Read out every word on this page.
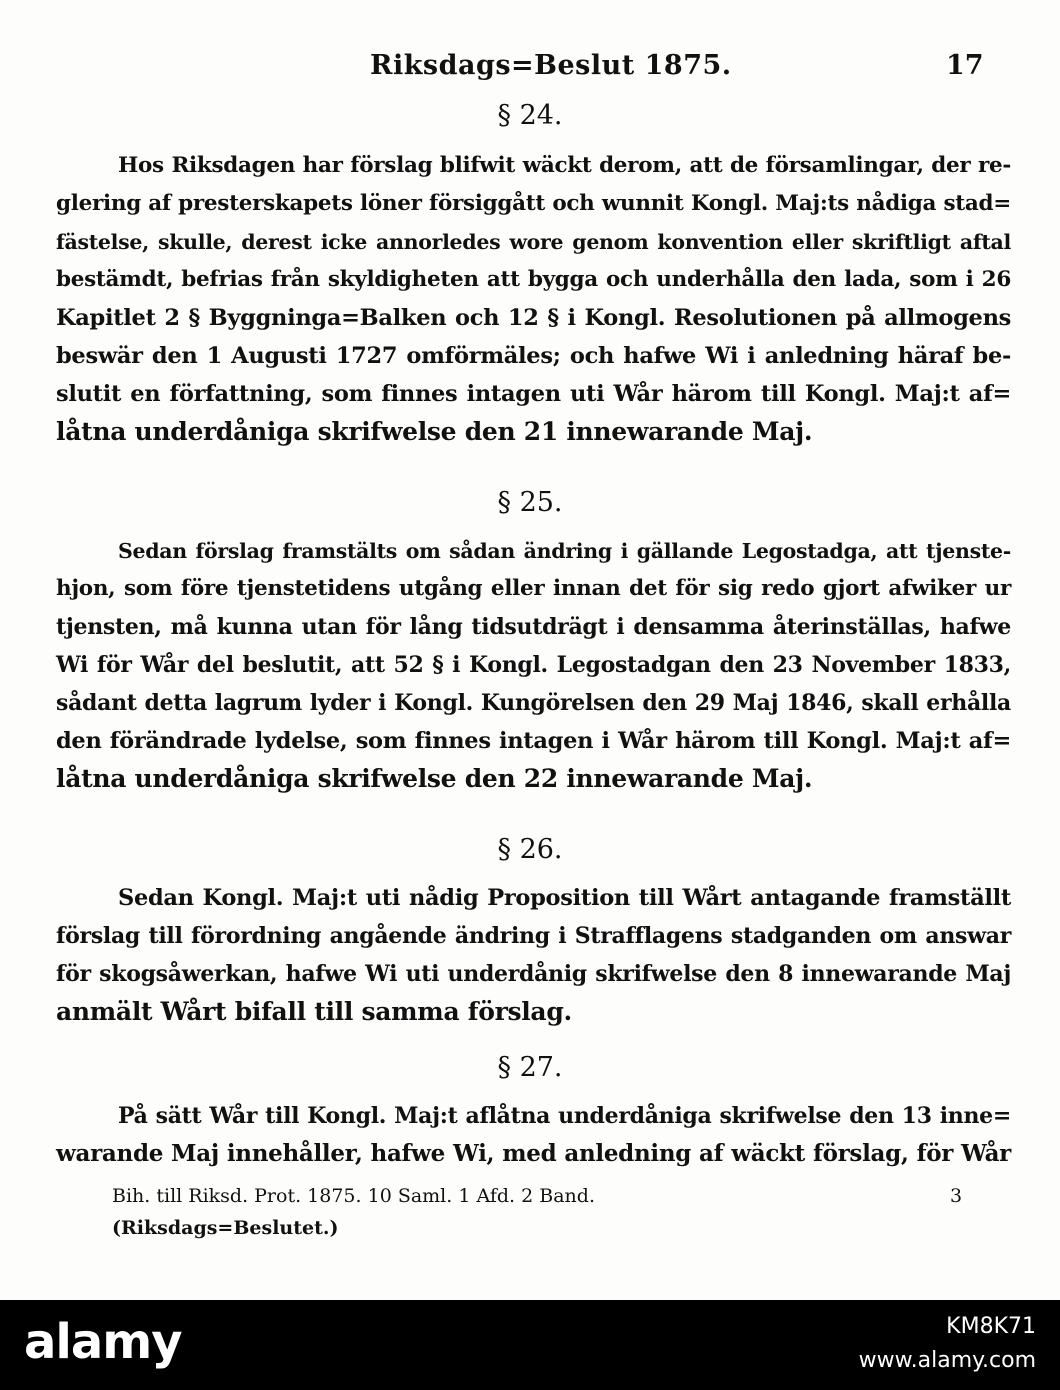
Riksdags=Beslut 1875.	17
§ 24.
Hos Riksdagen har förslag blifwit wäckt derom, att de församlingar, der re-
glering af presterskapets löner försiggått och wunnit Kongl. Maj:ts nådiga stad=
fästelse, skulle, derest icke annorledes wore genom konvention eller skriftligt aftal
bestämdt, befrias från skyldigheten att bygga och underhålla den lada, som i 26
Kapitlet 2 § Byggninga=Balken och 12 § i Kongl. Resolutionen på allmogens
beswär den 1 Augusti 1727 omförmäles; och hafwe Wi i anledning häraf be-
slutit en författning, som finnes intagen uti Wår härom till Kongl. Maj:t af=
låtna underdåniga skrifwelse den 21 innewarande Maj.
§ 25.
Sedan förslag framstälts om sådan ändring i gällande Legostadga, att tjenste-
hjon, som före tjenstetidens utgång eller innan det för sig redo gjort afwiker ur
tjensten, må kunna utan för lång tidsutdrägt i densamma återinställas, hafwe
Wi för Wår del beslutit, att 52 § i Kongl. Legostadgan den 23 November 1833,
sådant detta lagrum lyder i Kongl. Kungörelsen den 29 Maj 1846, skall erhålla
den förändrade lydelse, som finnes intagen i Wår härom till Kongl. Maj:t af=
låtna underdåniga skrifwelse den 22 innewarande Maj.
§ 26.
Sedan Kongl. Maj:t uti nådig Proposition till Wårt antagande framställt
förslag till förordning angående ändring i Strafflagens stadganden om answar
för skogsåwerkan, hafwe Wi uti underdånig skrifwelse den 8 innewarande Maj
anmält Wårt bifall till samma förslag.
§ 27.
På sätt Wår till Kongl. Maj:t aflåtna underdåniga skrifwelse den 13 inne=
warande Maj innehåller, hafwe Wi, med anledning af wäckt förslag, för Wår
Bih. till Riksd. Prot. 1875. 10 Saml. 1 Afd. 2 Band.	3
(Riksdags=Beslutet.)
alamy	KM8K71
www.alamy.com
